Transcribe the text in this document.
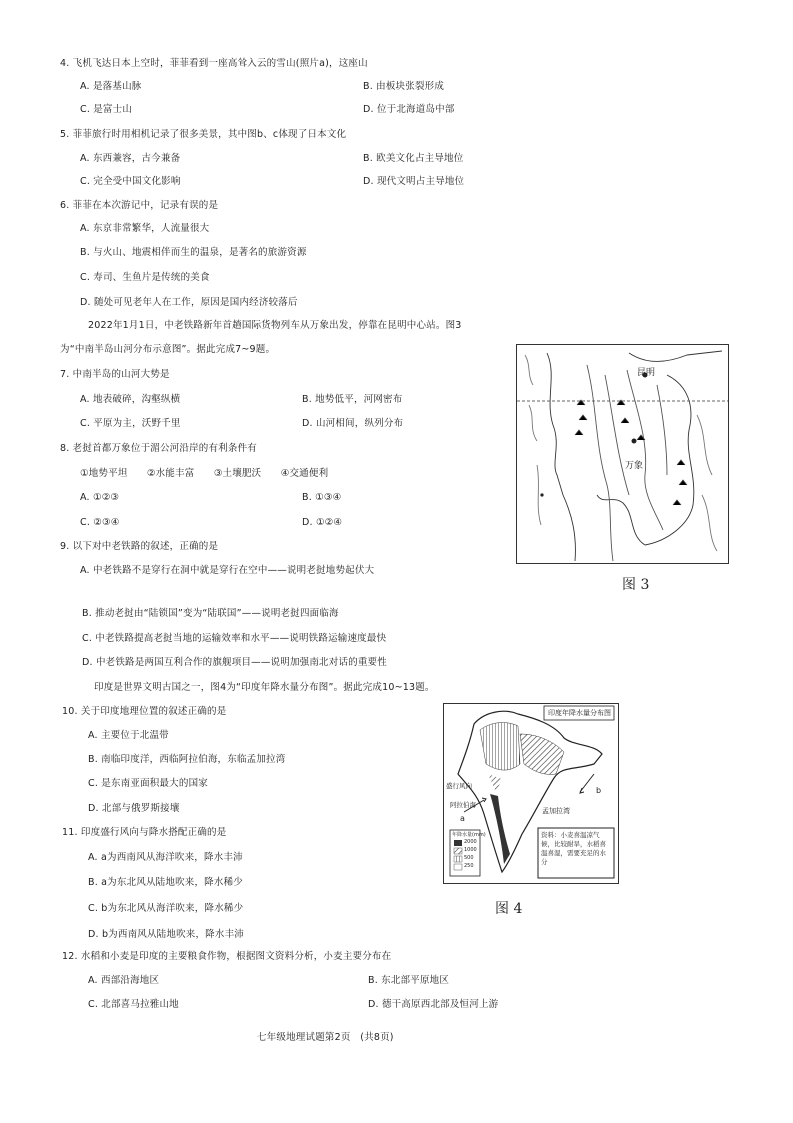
4. 飞机飞达日本上空时，菲菲看到一座高耸入云的雪山(照片a)，这座山
A. 是落基山脉	B. 由板块张裂形成
C. 是富士山	D. 位于北海道岛中部
5. 菲菲旅行时用相机记录了很多美景，其中图b、c体现了日本文化
A. 东西兼容，古今兼备	B. 欧美文化占主导地位
C. 完全受中国文化影响	D. 现代文明占主导地位
6. 菲菲在本次游记中，记录有误的是
A. 东京非常繁华，人流量很大
B. 与火山、地震相伴而生的温泉，是著名的旅游资源
C. 寿司、生鱼片是传统的美食
D. 随处可见老年人在工作，原因是国内经济较落后
2022年1月1日，中老铁路新年首趟国际货物列车从万象出发，停靠在昆明中心站。图3
为“中南半岛山河分布示意图”。据此完成7~9题。
7. 中南半岛的山河大势是
A. 地表破碎，沟壑纵横	B. 地势低平，河网密布
C. 平原为主，沃野千里	D. 山河相间，纵列分布
8. 老挝首都万象位于湄公河沿岸的有利条件有
①地势平坦　　②水能丰富　　③土壤肥沃　　④交通便利
A. ①②③	B. ①③④
C. ②③④	D. ①②④
9. 以下对中老铁路的叙述，正确的是
A. 中老铁路不是穿行在洞中就是穿行在空中——说明老挝地势起伏大
B. 推动老挝由“陆锁国”变为“陆联国”——说明老挝四面临海
C. 中老铁路提高老挝当地的运输效率和水平——说明铁路运输速度最快
D. 中老铁路是两国互利合作的旗舰项目——说明加强南北对话的重要性
印度是世界文明古国之一，图4为“印度年降水量分布图”。据此完成10~13题。
10. 关于印度地理位置的叙述正确的是
A. 主要位于北温带
B. 南临印度洋，西临阿拉伯海，东临孟加拉湾
C. 是东南亚面积最大的国家
D. 北部与俄罗斯接壤
11. 印度盛行风向与降水搭配正确的是
A. a为西南风从海洋吹来，降水丰沛
B. a为东北风从陆地吹来，降水稀少
C. b为东北风从海洋吹来，降水稀少
D. b为西南风从陆地吹来，降水丰沛
12. 水稻和小麦是印度的主要粮食作物，根据图文资料分析，小麦主要分布在
A. 西部沿海地区	B. 东北部平原地区
C. 北部喜马拉雅山地	D. 德干高原西北部及恒河上游
七年级地理试题第2页　(共8页)
昆明
万象
图 3
印度年降水量分布图
盛行风向
阿拉伯海
孟加拉湾
年降水量(mm)
2000
1000
500
250
资料：小麦喜温凉气候，比较耐旱，水稻喜温喜湿，需要充足的水分
a
b
图 4
